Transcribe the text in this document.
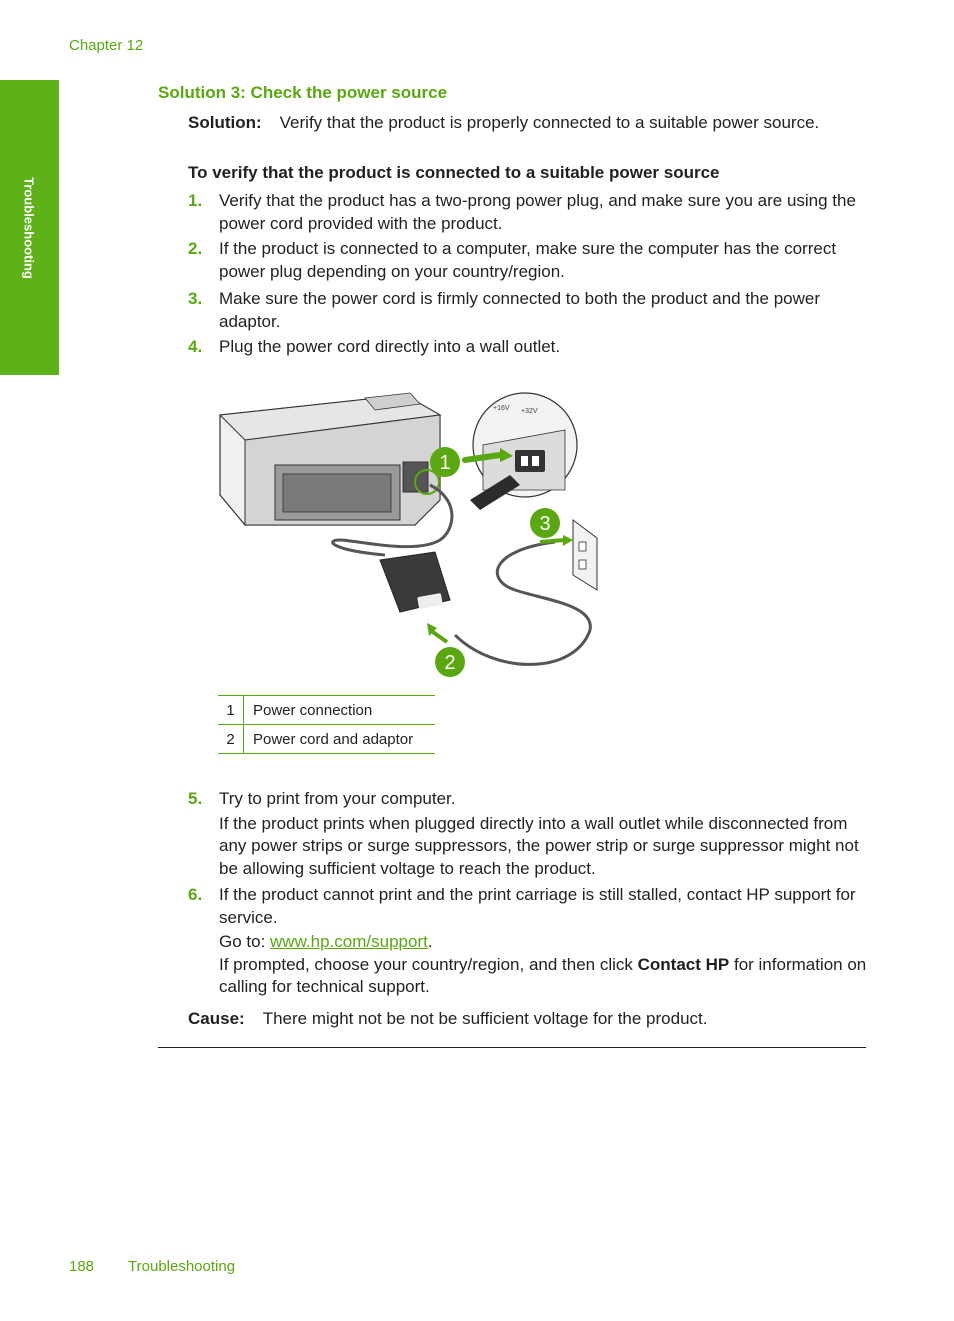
Chapter 12
Troubleshooting
Solution 3: Check the power source
Solution: Verify that the product is properly connected to a suitable power source.
To verify that the product is connected to a suitable power source
1. Verify that the product has a two-prong power plug, and make sure you are using the power cord provided with the product.
2. If the product is connected to a computer, make sure the computer has the correct power plug depending on your country/region.
3. Make sure the power cord is firmly connected to both the product and the power adaptor.
4. Plug the power cord directly into a wall outlet.
+16V +32V
1
2
3
1	Power connection
2	Power cord and adaptor
5. Try to print from your computer.
If the product prints when plugged directly into a wall outlet while disconnected from any power strips or surge suppressors, the power strip or surge suppressor might not be allowing sufficient voltage to reach the product.
6. If the product cannot print and the print carriage is still stalled, contact HP support for service.
Go to: www.hp.com/support.
If prompted, choose your country/region, and then click Contact HP for information on calling for technical support.
Cause: There might not be not be sufficient voltage for the product.
188 Troubleshooting
